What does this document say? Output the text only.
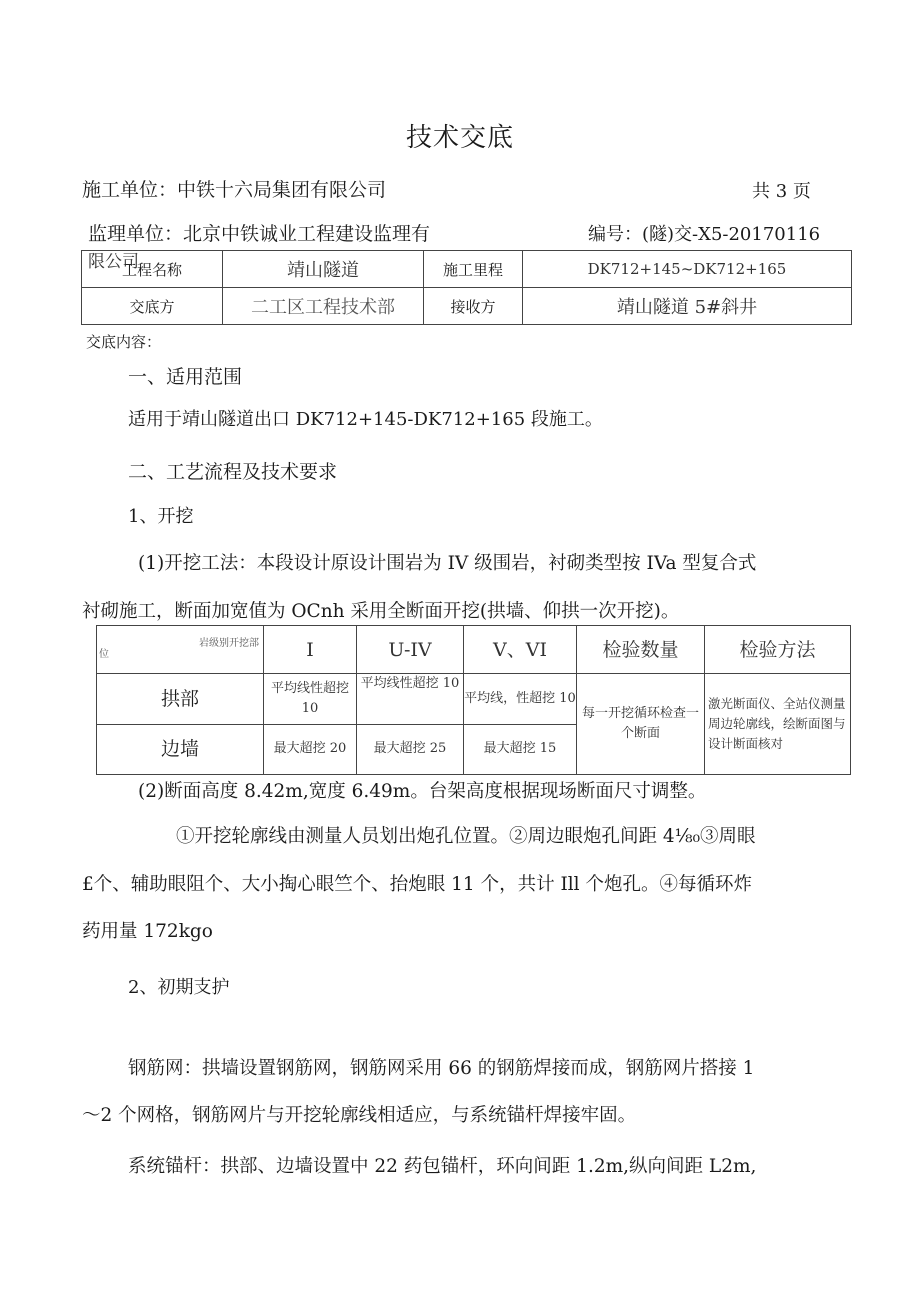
技术交底
施工单位：中铁十六局集团有限公司	共 3 页
监理单位：北京中铁诚业工程建设监理有
限公司
编号：(隧)交-X5-20170116
工程名称	靖山隧道	施工里程	DK712+145~DK712+165
交底方	二工区工程技术部	接收方	靖山隧道 5#斜井
交底内容：
一、适用范围
适用于靖山隧道出口 DK712+145-DK712+165 段施工。
二、工艺流程及技术要求
1、开挖
(1)开挖工法：本段设计原设计围岩为 IV 级围岩，衬砌类型按 IVa 型复合式
衬砌施工，断面加宽值为 OCnh 采用全断面开挖(拱墙、仰拱一次开挖)。
岩级别开挖部
位	I	U-IV	V、VI	检验数量	检验方法
拱部	平均线性超挖 10	平均线性超挖 10	平均线，性超挖 10	每一开挖循环检查一个断面	激光断面仪、全站仪测量周边轮廓线，绘断面图与设计断面核对
边墙	最大超挖 20	最大超挖 25	最大超挖 15		
(2)断面高度 8.42m,宽度 6.49m。台架高度根据现场断面尺寸调整。
①开挖轮廓线由测量人员划出炮孔位置。②周边眼炮孔间距 4⅛₀③周眼
£个、辅助眼阻个、大小掏心眼竺个、抬炮眼 11 个，共计 Ill 个炮孔。④每循环炸
药用量 172kgo
2、初期支护
钢筋网：拱墙设置钢筋网，钢筋网采用 66 的钢筋焊接而成，钢筋网片搭接 1
～2 个网格，钢筋网片与开挖轮廓线相适应，与系统锚杆焊接牢固。
系统锚杆：拱部、边墙设置中 22 药包锚杆，环向间距 1.2m,纵向间距 L2m,
